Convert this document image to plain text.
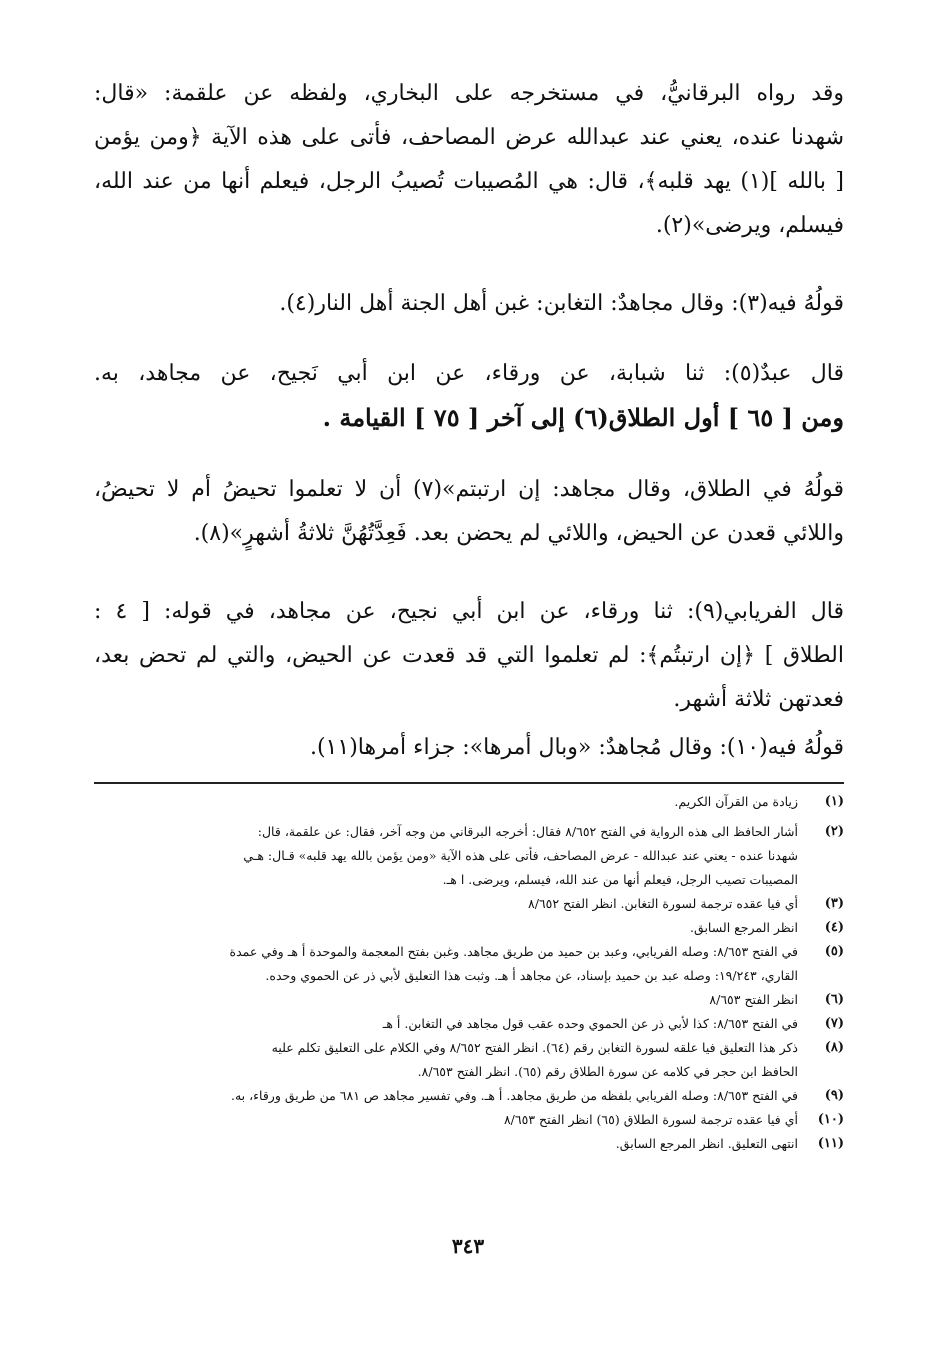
وقد رواه البرقانيُّ، في مستخرجه على البخاري، ولفظه عن علقمة: «قال:
شهدنا عنده، يعني عند عبدالله عرض المصاحف، فأتى على هذه الآية ﴿ومن يؤمن
[ بالله ](١) يهد قلبه﴾، قال: هي المُصيبات تُصيبُ الرجل، فيعلم أنها من عند الله،
فيسلم، ويرضى»(٢).
قولُهُ فيه(٣): وقال مجاهدٌ: التغابن: غبن أهل الجنة أهل النار(٤).
قال عبدٌ(٥): ثنا شبابة، عن ورقاء، عن ابن أبي نَجيح، عن مجاهد، به.
ومن [ ٦٥ ] أول الطلاق(٦) إلى آخر [ ٧٥ ] القيامة .
قولُهُ في الطلاق، وقال مجاهد: إن ارتبتم»(٧) أن لا تعلموا تحيضُ أم لا تحيضُ،
واللائي قعدن عن الحيض، واللائي لم يحضن بعد. فَعِدَّتُهُنَّ ثلاثةُ أشهرٍ»(٨).
قال الفريابي(٩): ثنا ورقاء، عن ابن أبي نجيح، عن مجاهد، في قوله: [ ٤ :
الطلاق ] ﴿إن ارتبتُم﴾: لم تعلموا التي قد قعدت عن الحيض، والتي لم تحض بعد،
فعدتهن ثلاثة أشهر.
قولُهُ فيه(١٠): وقال مُجاهدٌ: «وبال أمرها»: جزاء أمرها(١١).
(١)
زيادة من القرآن الكريم.
(٢)
أشار الحافظ الى هذه الرواية في الفتح ٨/٦٥٢ فقال: أخرجه البرقاني من وجه آخر، فقال: عن علقمة، قال:
شهدنا عنده - يعني عند عبدالله - عرض المصاحف، فأتى على هذه الآية «ومن يؤمن بالله يهد قلبه» قـال: هـي
المصيبات تصيب الرجل، فيعلم أنها من عند الله، فيسلم، ويرضى. ا هـ.
(٣)
أي فيا عقده ترجمة لسورة التغابن. انظر الفتح ٨/٦٥٢
(٤)
انظر المرجع السابق.
(٥)
في الفتح ٨/٦٥٣: وصله الفريابي، وعبد بن حميد من طريق مجاهد. وغبن بفتح المعجمة والموحدة أ هـ وفي عمدة
القاري، ١٩/٢٤٣: وصله عبد بن حميد بإسناد، عن مجاهد أ هـ. وثبت هذا التعليق لأبي ذر عن الحموي وحده.
(٦)
انظر الفتح ٨/٦٥٣
(٧)
في الفتح ٨/٦٥٣: كذا لأبي ذر عن الحموي وحده عقب قول مجاهد في التغابن. أ هـ
(٨)
ذكر هذا التعليق فيا علقه لسورة التغابن رقم (٦٤). انظر الفتح ٨/٦٥٢ وفي الكلام على التعليق تكلم عليه
الحافظ ابن حجر في كلامه عن سورة الطلاق رقم (٦٥). انظر الفتح ٨/٦٥٣.
(٩)
في الفتح ٨/٦٥٣: وصله الفريابي بلفظه من طريق مجاهد. أ هـ. وفي تفسير مجاهد ص ٦٨١ من طريق ورقاء، به.
(١٠)
أي فيا عقده ترجمة لسورة الطلاق (٦٥) انظر الفتح ٨/٦٥٣
(١١)
انتهى التعليق. انظر المرجع السابق.
٣٤٣
